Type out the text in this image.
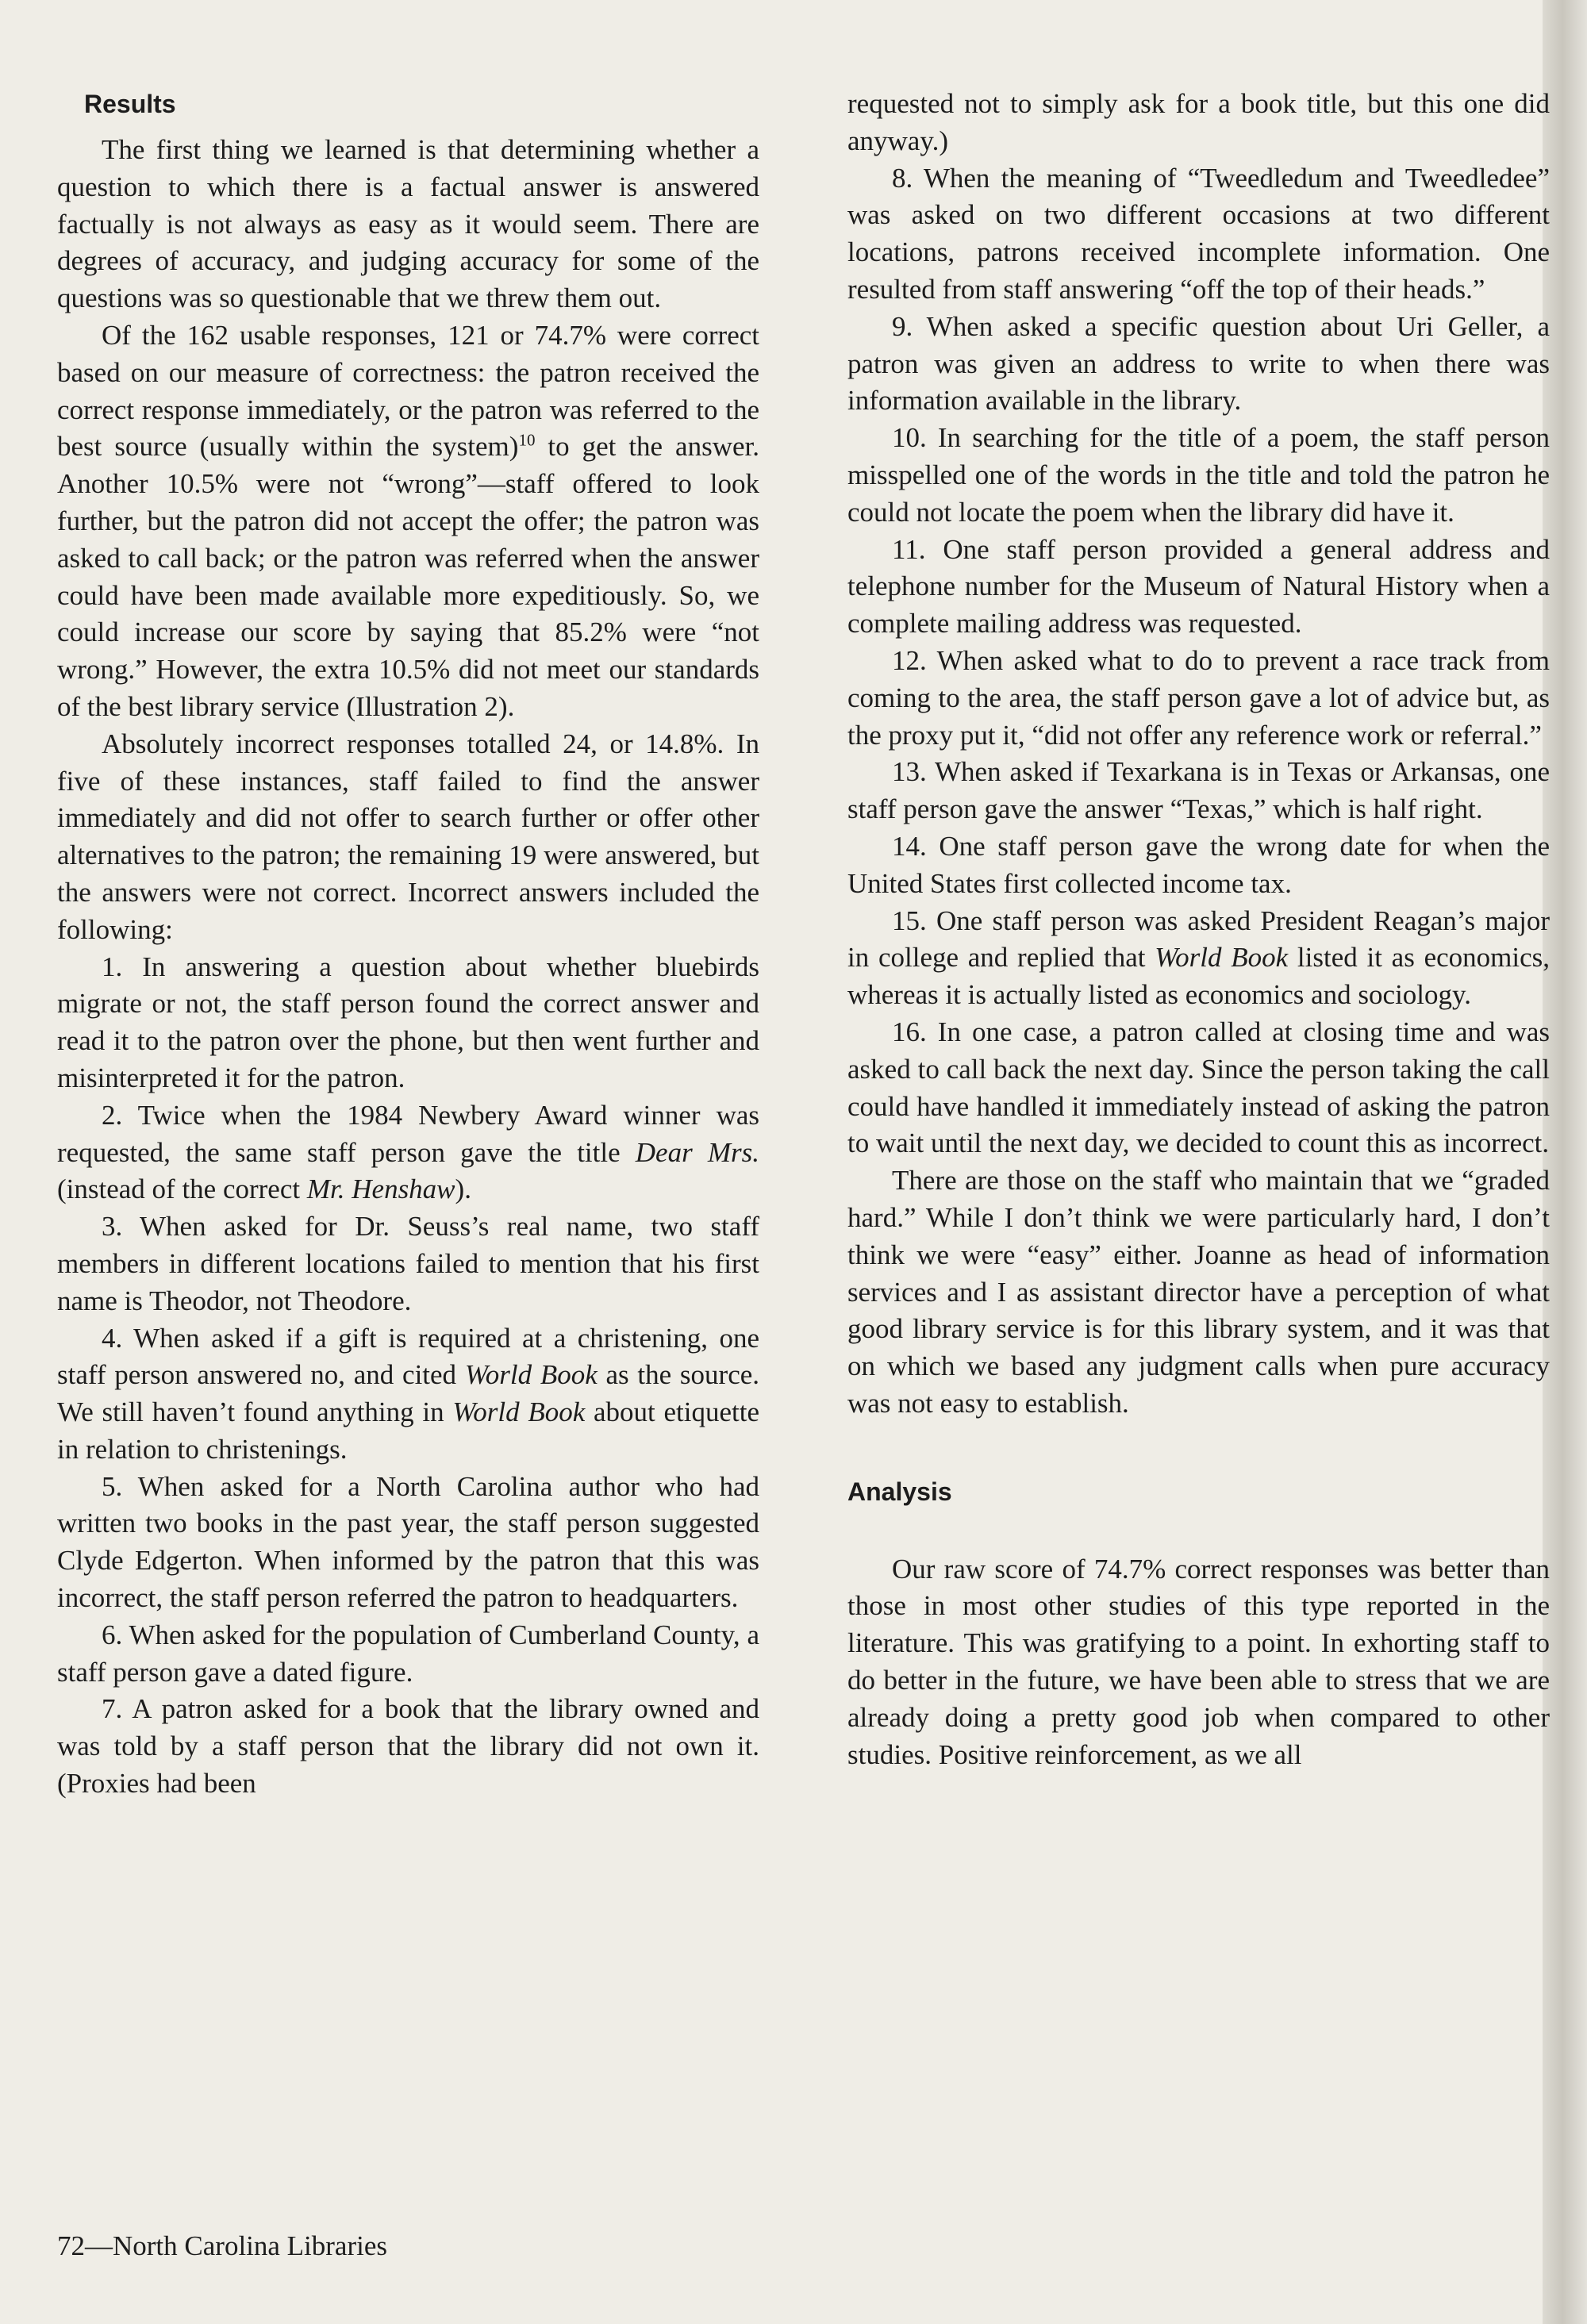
Results

The first thing we learned is that determining whether a question to which there is a factual answer is answered factually is not always as easy as it would seem. There are degrees of accuracy, and judging accuracy for some of the questions was so questionable that we threw them out.

Of the 162 usable responses, 121 or 74.7% were correct based on our measure of correctness: the patron received the correct response immediately, or the patron was referred to the best source (usually within the system)$^{10}$ to get the answer. Another 10.5% were not “wrong”—staff offered to look further, but the patron did not accept the offer; the patron was asked to call back; or the patron was referred when the answer could have been made available more expeditiously. So, we could increase our score by saying that 85.2% were “not wrong.” However, the extra 10.5% did not meet our standards of the best library service (Illustration 2).

Absolutely incorrect responses totalled 24, or 14.8%. In five of these instances, staff failed to find the answer immediately and did not offer to search further or offer other alternatives to the patron; the remaining 19 were answered, but the answers were not correct. Incorrect answers included the following:

1. In answering a question about whether bluebirds migrate or not, the staff person found the correct answer and read it to the patron over the phone, but then went further and misinterpreted it for the patron.

2. Twice when the 1984 Newbery Award winner was requested, the same staff person gave the title Dear Mrs. (instead of the correct Mr. Henshaw).

3. When asked for Dr. Seuss’s real name, two staff members in different locations failed to mention that his first name is Theodor, not Theodore.

4. When asked if a gift is required at a christening, one staff person answered no, and cited World Book as the source. We still haven’t found anything in World Book about etiquette in relation to christenings.

5. When asked for a North Carolina author who had written two books in the past year, the staff person suggested Clyde Edgerton. When informed by the patron that this was incorrect, the staff person referred the patron to headquarters.

6. When asked for the population of Cumberland County, a staff person gave a dated figure.

7. A patron asked for a book that the library owned and was told by a staff person that the library did not own it. (Proxies had been

requested not to simply ask for a book title, but this one did anyway.)

8. When the meaning of “Tweedledum and Tweedledee” was asked on two different occasions at two different locations, patrons received incomplete information. One resulted from staff answering “off the top of their heads.”

9. When asked a specific question about Uri Geller, a patron was given an address to write to when there was information available in the library.

10. In searching for the title of a poem, the staff person misspelled one of the words in the title and told the patron he could not locate the poem when the library did have it.

11. One staff person provided a general address and telephone number for the Museum of Natural History when a complete mailing address was requested.

12. When asked what to do to prevent a race track from coming to the area, the staff person gave a lot of advice but, as the proxy put it, “did not offer any reference work or referral.”

13. When asked if Texarkana is in Texas or Arkansas, one staff person gave the answer “Texas,” which is half right.

14. One staff person gave the wrong date for when the United States first collected income tax.

15. One staff person was asked President Reagan’s major in college and replied that World Book listed it as economics, whereas it is actually listed as economics and sociology.

16. In one case, a patron called at closing time and was asked to call back the next day. Since the person taking the call could have handled it immediately instead of asking the patron to wait until the next day, we decided to count this as incorrect.

There are those on the staff who maintain that we “graded hard.” While I don’t think we were particularly hard, I don’t think we were “easy” either. Joanne as head of information services and I as assistant director have a perception of what good library service is for this library system, and it was that on which we based any judgment calls when pure accuracy was not easy to establish.

Analysis

Our raw score of 74.7% correct responses was better than those in most other studies of this type reported in the literature. This was gratifying to a point. In exhorting staff to do better in the future, we have been able to stress that we are already doing a pretty good job when compared to other studies. Positive reinforcement, as we all

72—North Carolina Libraries
